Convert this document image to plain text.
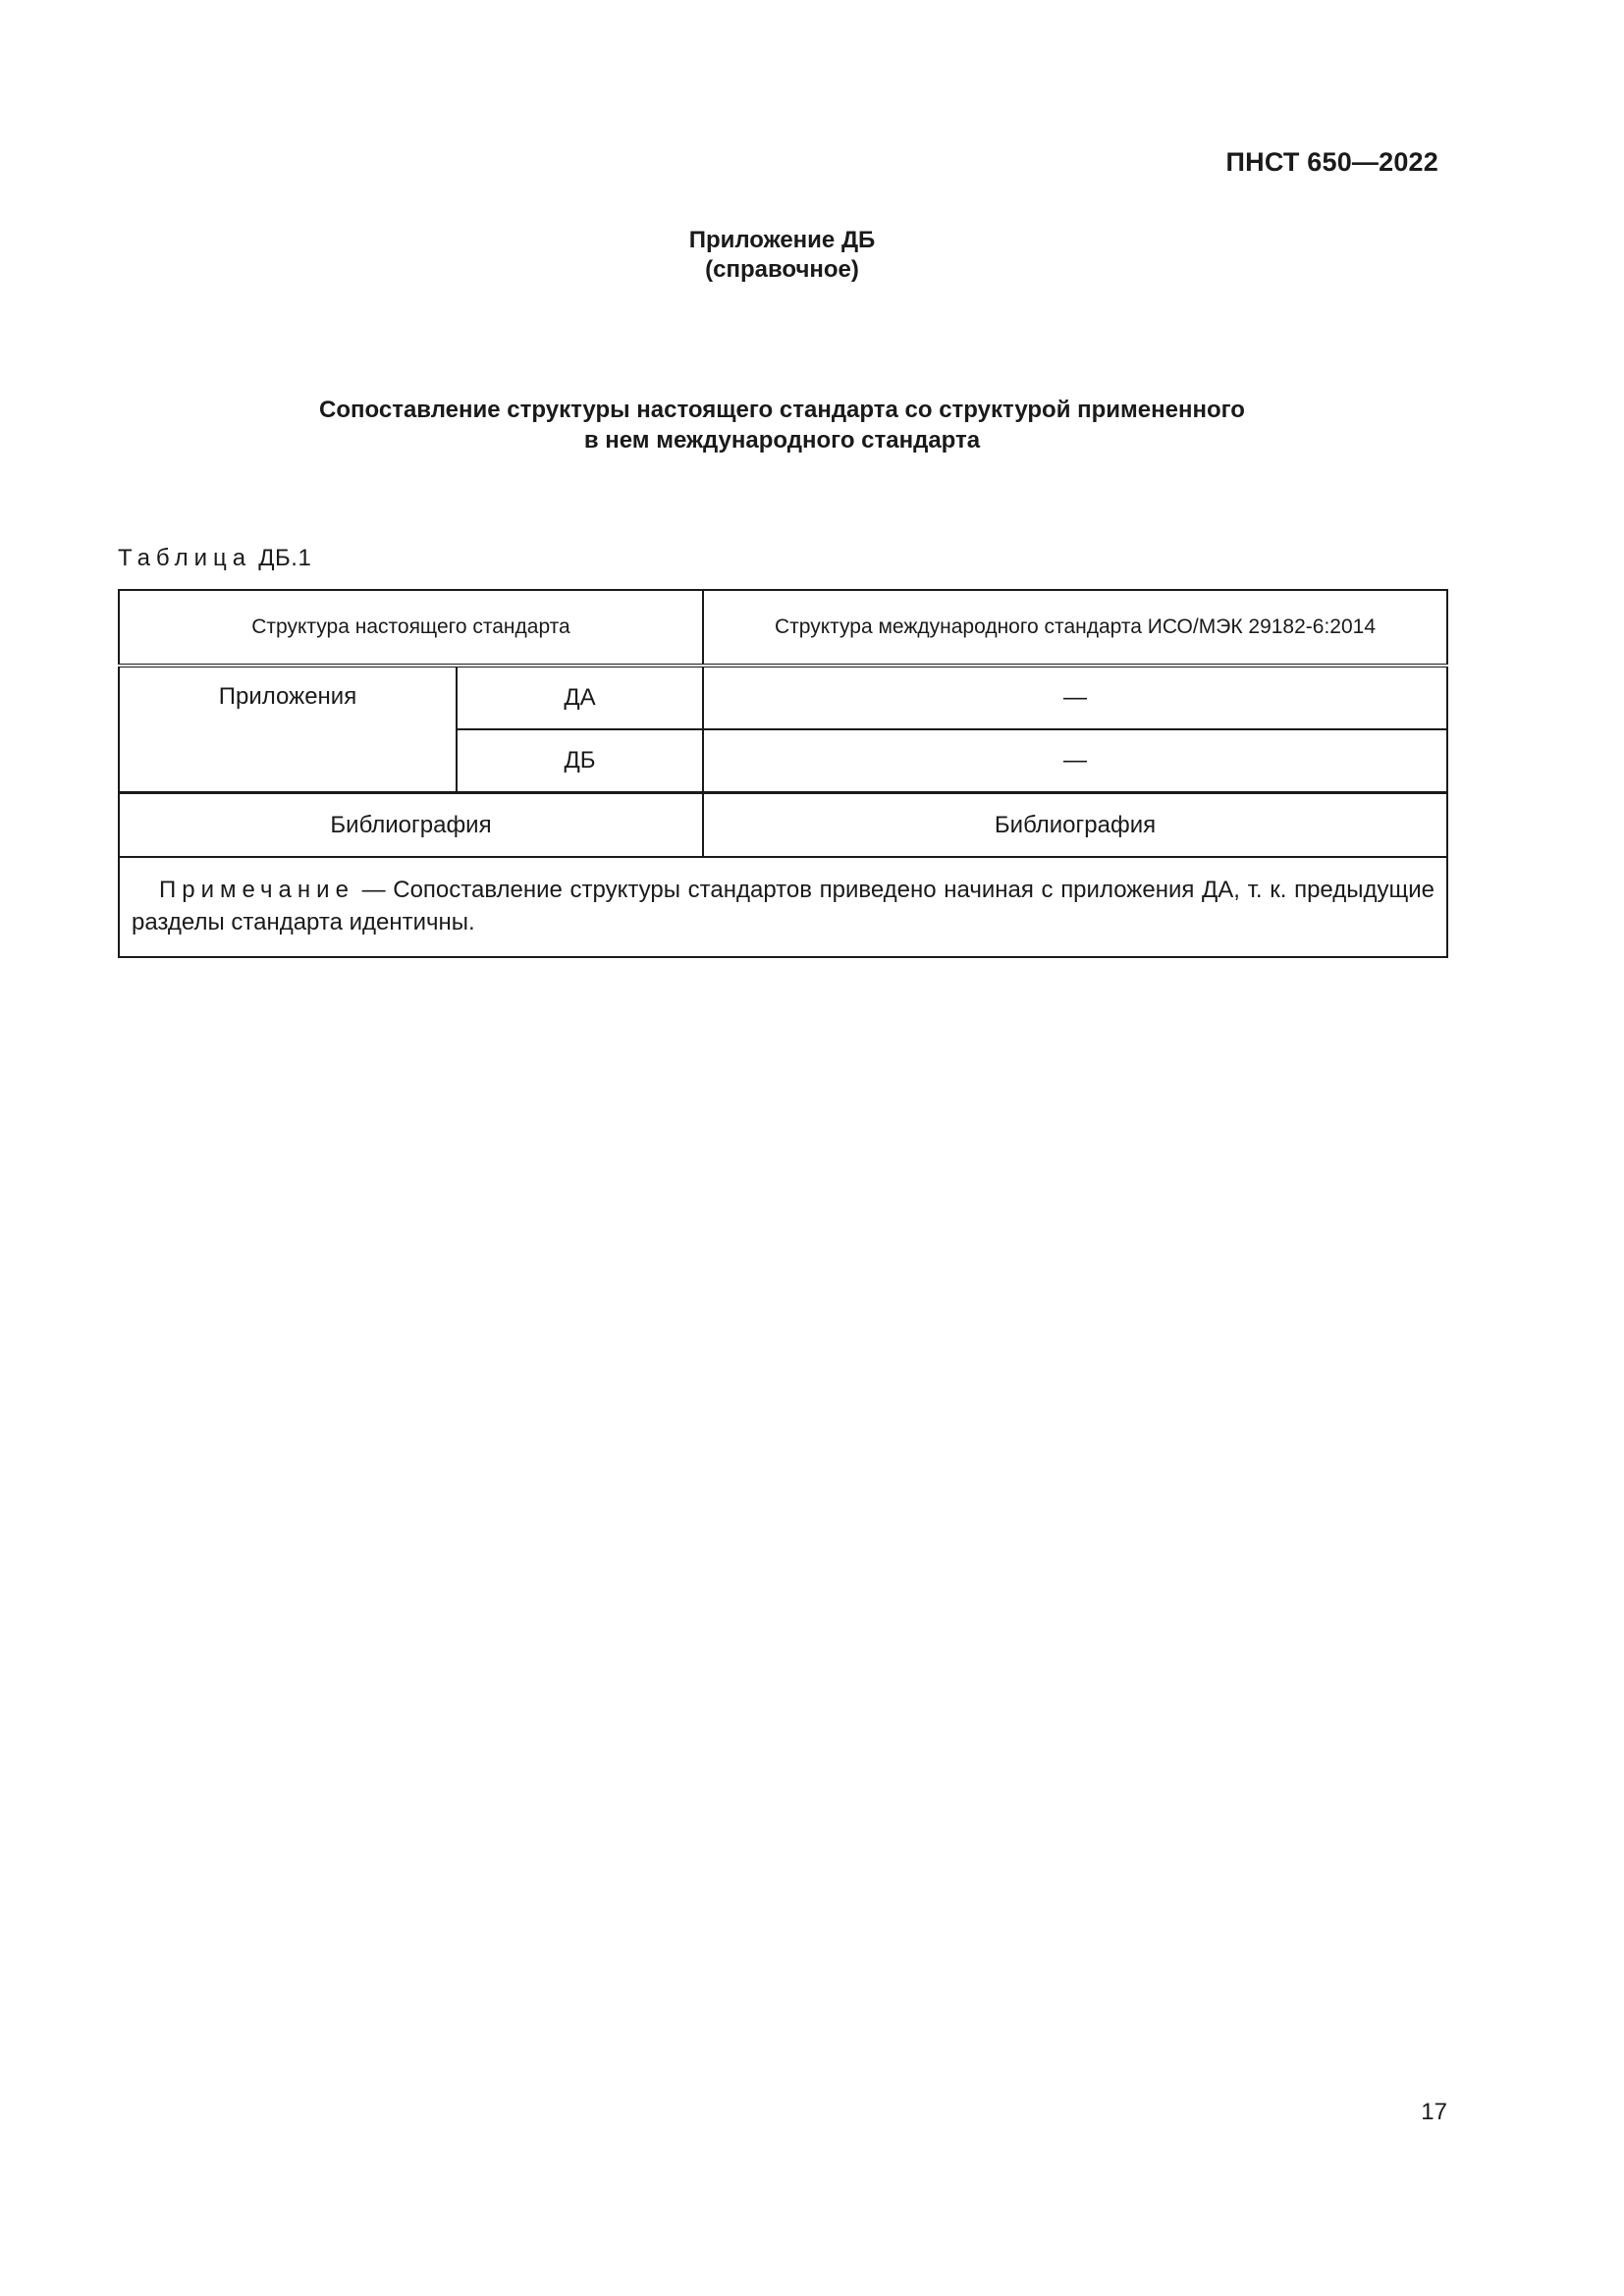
ПНСТ 650—2022
Приложение ДБ
(справочное)
Сопоставление структуры настоящего стандарта со структурой примененного
в нем международного стандарта
Таблица ДБ.1
Структура настоящего стандарта		Структура международного стандарта ИСО/МЭК 29182-6:2014
Приложения	ДА	—
	ДБ	—
Библиография		Библиография
Примечание — Сопоставление структуры стандартов приведено начиная с приложения ДА, т. к. предыдущие разделы стандарта идентичны.		
17
